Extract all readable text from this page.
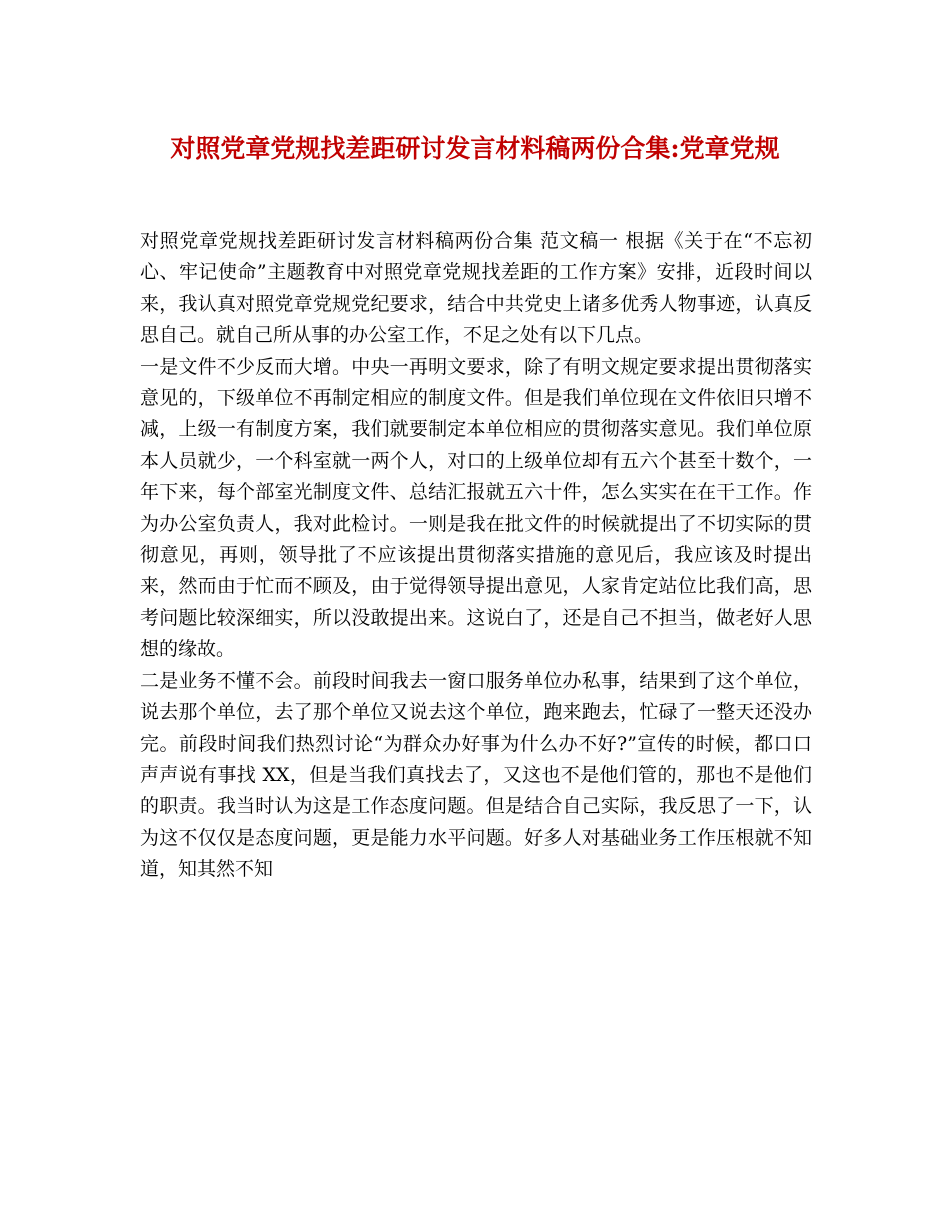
对照党章党规找差距研讨发言材料稿两份合集:党章党规

对照党章党规找差距研讨发言材料稿两份合集 范文稿一 根据《关于在“不忘初心、牢记使命”主题教育中对照党章党规找差距的工作方案》安排，近段时间以来，我认真对照党章党规党纪要求，结合中共党史上诸多优秀人物事迹，认真反思自己。就自己所从事的办公室工作，不足之处有以下几点。

一是文件不少反而大增。中央一再明文要求，除了有明文规定要求提出贯彻落实意见的，下级单位不再制定相应的制度文件。但是我们单位现在文件依旧只增不减，上级一有制度方案，我们就要制定本单位相应的贯彻落实意见。我们单位原本人员就少，一个科室就一两个人，对口的上级单位却有五六个甚至十数个，一年下来，每个部室光制度文件、总结汇报就五六十件，怎么实实在在干工作。作为办公室负责人，我对此检讨。一则是我在批文件的时候就提出了不切实际的贯彻意见，再则，领导批了不应该提出贯彻落实措施的意见后，我应该及时提出来，然而由于忙而不顾及，由于觉得领导提出意见，人家肯定站位比我们高，思考问题比较深细实，所以没敢提出来。这说白了，还是自己不担当，做老好人思想的缘故。

二是业务不懂不会。前段时间我去一窗口服务单位办私事，结果到了这个单位，说去那个单位，去了那个单位又说去这个单位，跑来跑去，忙碌了一整天还没办完。前段时间我们热烈讨论“为群众办好事为什么办不好?”宣传的时候，都口口声声说有事找 XX，但是当我们真找去了，又这也不是他们管的，那也不是他们的职责。我当时认为这是工作态度问题。但是结合自己实际，我反思了一下，认为这不仅仅是态度问题，更是能力水平问题。好多人对基础业务工作压根就不知道，知其然不知
